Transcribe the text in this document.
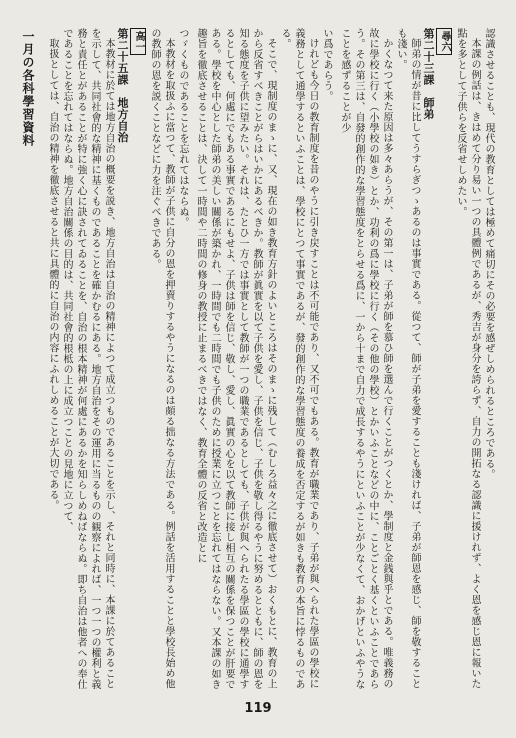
一月の各科學習資料	認識させることも、現代の教育としては極めて痛切にその必要を感ぜしめられるところである。

本課の例話は、きはめて分り易い一つの具體例であるが、秀吉が身分を誇らず、自力の開拓なる認識に援けれず、よく恩を感じ恩に報いた點を多として子供らを反省せしめたい。

尋六

第二十三課　師弟

師弟の情が昔に比してうすらぎつゝあるのは事實である。從つて、師が子弟を愛することも淺ければ、子弟が師恩を感じ、師を敬することも淺い。

かくなつて来た原因は多々あらうが、その第一は、子弟が師を慕ひ師を選んで行くことがつくとか、學制度と金銭與乎とである。唯義務の故に學校に行く（小學校の如き）とか、功利の爲に學校に行く（その他の學校）とかいふことなどの中に、ことごとく基くといふことであらう。その第三は、自發的創作的な學習態度をとらせる爲に、一から十まで自力で成長するやうにといふことが少なくて、おかげといふやうなことを感ずることが少

い爲であらう。

けれども今日の教育制度を昔のやうに引き戻すことは不可能であり、又不可でもある。教育が職業であり、子弟が與へられた學區の學校に義務として通學するといふことは、學校にとつて事實であるが、發的創作的な學習態度の養成を否定するが如きも教育の本旨に悖るものである。

そこで、現制度のまゝに、又、現在の如き教育方針のよいところはそのまゝに残して（むしろ益々之に徹底させて）おくもとに、教育の上から反省すべきことがらはいかにあるべきか。教師が眞實を以て子供を愛し、子供を信じ、子供を敬し得るやうに努めるとともに、師の恩を知る態度を子供に望みたい。それは、たとひ一方では事實として教師が一つの職業であるとしても、子供が與へられたる學區の學校に通學するとしても、何處にでもある事實であるにもせよ、子供は師を信じ、敬し、愛し、眞實の心を以て教師に接し相互の關係を保つことが肝要である。學校を中心とした師弟の美しい關係が築かれ、一時間でも二時間でも子供のために授業に立つことを忘れてはならない。又本課の如き趣旨を徹底させることは、決して一時間や二時間の修身の教授に止まるべきではなく、教育全體の反省と改造とに

つゞくものであることを忘れてはならぬ。

本教材を取扱ふに當つて、教師が子供に自分の恩を押賣りするやうになるのは頗る拙なる方法である。例話を活用することと學校長始め他の教師の恩を説くことなどに力を注ぐべきである。

高一

第二十五課　地方自治

本教材に於ては地方自治の概要を説き、地方自治は自治の精神によつて成立つものであることを示し、それと同時に、本課に於てあることを示して、共同社會的な精神に基くものであることを確かむるにある。地方自治をその運用に当るものの観察によれば、一つ一つの權利と義務と責任とがあることが特に強く心に訣されてゐることを、自治の根本精神が何處にあるかを知らしめねばならぬ。即ち自治は他者への奉仕であることを忘れてはならぬ。地方自治關係の目的は、共同社會的根柢の上に成立つことの見地に立つて、

取扱としては、自治の精神を徹底させると共に具體的に自治の内容にふれしめることが大切である。

119
